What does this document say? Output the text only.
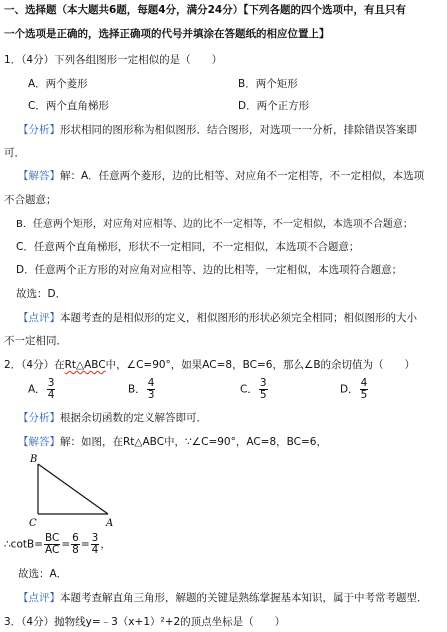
一、选择题（本大题共6题，每题4分，满分24分）【下列各题的四个选项中，有且只有
一个选项是正确的，选择正确项的代号并填涂在答题纸的相应位置上】
1．（4分）下列各组图形一定相似的是（　　）
A．两个菱形	B．两个矩形
C．两个直角梯形	D．两个正方形
【分析】形状相同的图形称为相似图形．结合图形，对选项一一分析，排除错误答案即
可．
【解答】解：A．任意两个菱形，边的比相等、对应角不一定相等，不一定相似，本选项
不合题意；
B．任意两个矩形，对应角对应相等、边的比不一定相等，不一定相似，本选项不合题意；
C．任意两个直角梯形，形状不一定相同，不一定相似，本选项不合题意；
D．任意两个正方形的对应角对应相等、边的比相等，一定相似，本选项符合题意；
故选：D．
【点评】本题考查的是相似形的定义，相似图形的形状必须完全相同；相似图形的大小
不一定相同．
2．（4分）在Rt△ABC中，∠C=90°，如果AC=8，BC=6，那么∠B的余切值为（　　）
A． $\frac{3}{4}$	B． $\frac{4}{3}$	C． $\frac{3}{5}$	D． $\frac{4}{5}$
【分析】根据余切函数的定义解答即可．
【解答】解：如图，在Rt△ABC中，∵∠C=90°，AC=8，BC=6，
B
C	A
∴cotB= $\frac{BC}{AC} = \frac{6}{8} = \frac{3}{4}$ ，
故选：A．
【点评】本题考查解直角三角形，解题的关键是熟练掌握基本知识，属于中考常考题型．
3．（4分）抛物线y=﹣3（x+1）²+2的顶点坐标是（　　）
